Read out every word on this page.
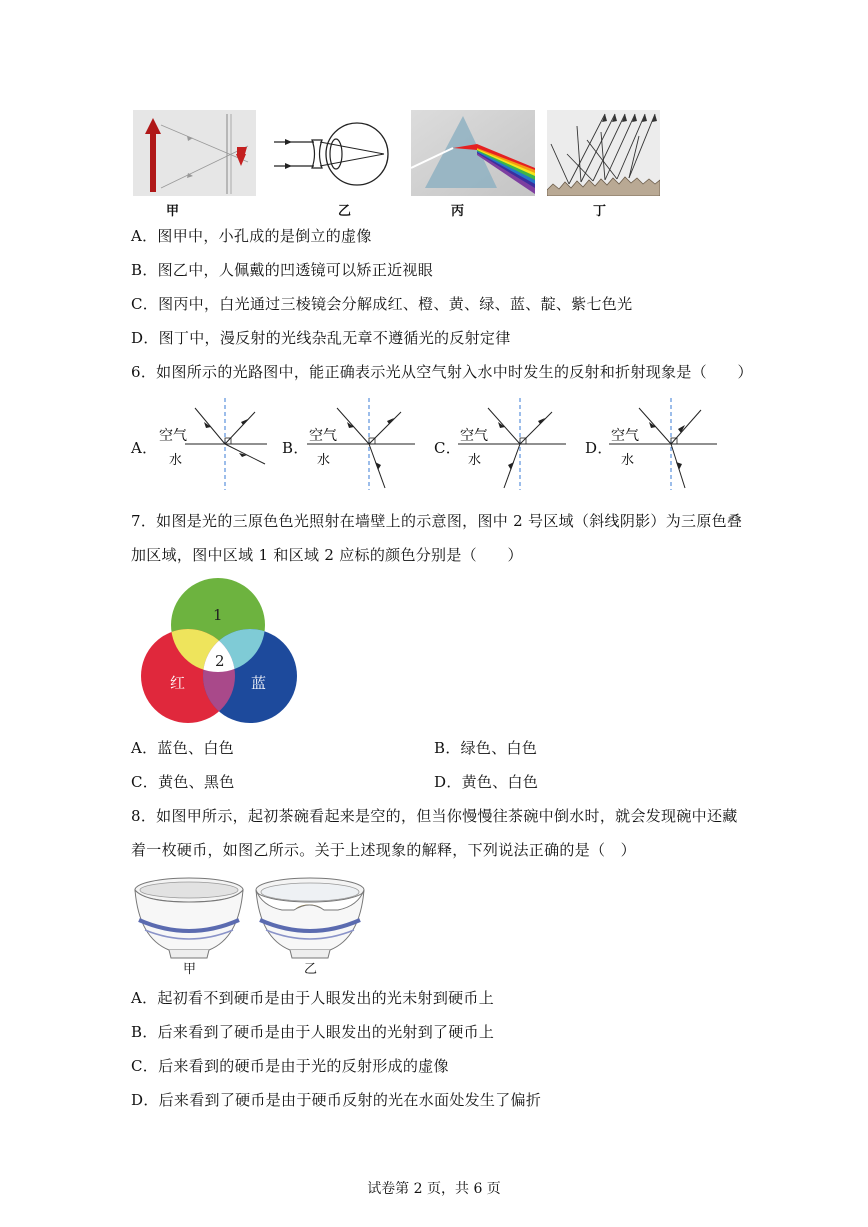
甲	乙	丙	丁
A．图甲中，小孔成的是倒立的虚像
B．图乙中，人佩戴的凹透镜可以矫正近视眼
C．图丙中，白光通过三棱镜会分解成红、橙、黄、绿、蓝、靛、紫七色光
D．图丁中，漫反射的光线杂乱无章不遵循光的反射定律
6．如图所示的光路图中，能正确表示光从空气射入水中时发生的反射和折射现象是（　　）
A．
空气
水
B．
空气
水
C．
空气
水
D．
空气
水
7．如图是光的三原色色光照射在墙壁上的示意图，图中 2 号区域（斜线阴影）为三原色叠
加区域，图中区域 1 和区域 2 应标的颜色分别是（　　）
1
2
红	蓝
A．蓝色、白色	B．绿色、白色
C．黄色、黑色	D．黄色、白色
8．如图甲所示，起初茶碗看起来是空的，但当你慢慢往茶碗中倒水时，就会发现碗中还藏
着一枚硬币，如图乙所示。关于上述现象的解释，下列说法正确的是（　）
甲	乙
A．起初看不到硬币是由于人眼发出的光未射到硬币上
B．后来看到了硬币是由于人眼发出的光射到了硬币上
C．后来看到的硬币是由于光的反射形成的虚像
D．后来看到了硬币是由于硬币反射的光在水面处发生了偏折
试卷第 2 页，共 6 页
